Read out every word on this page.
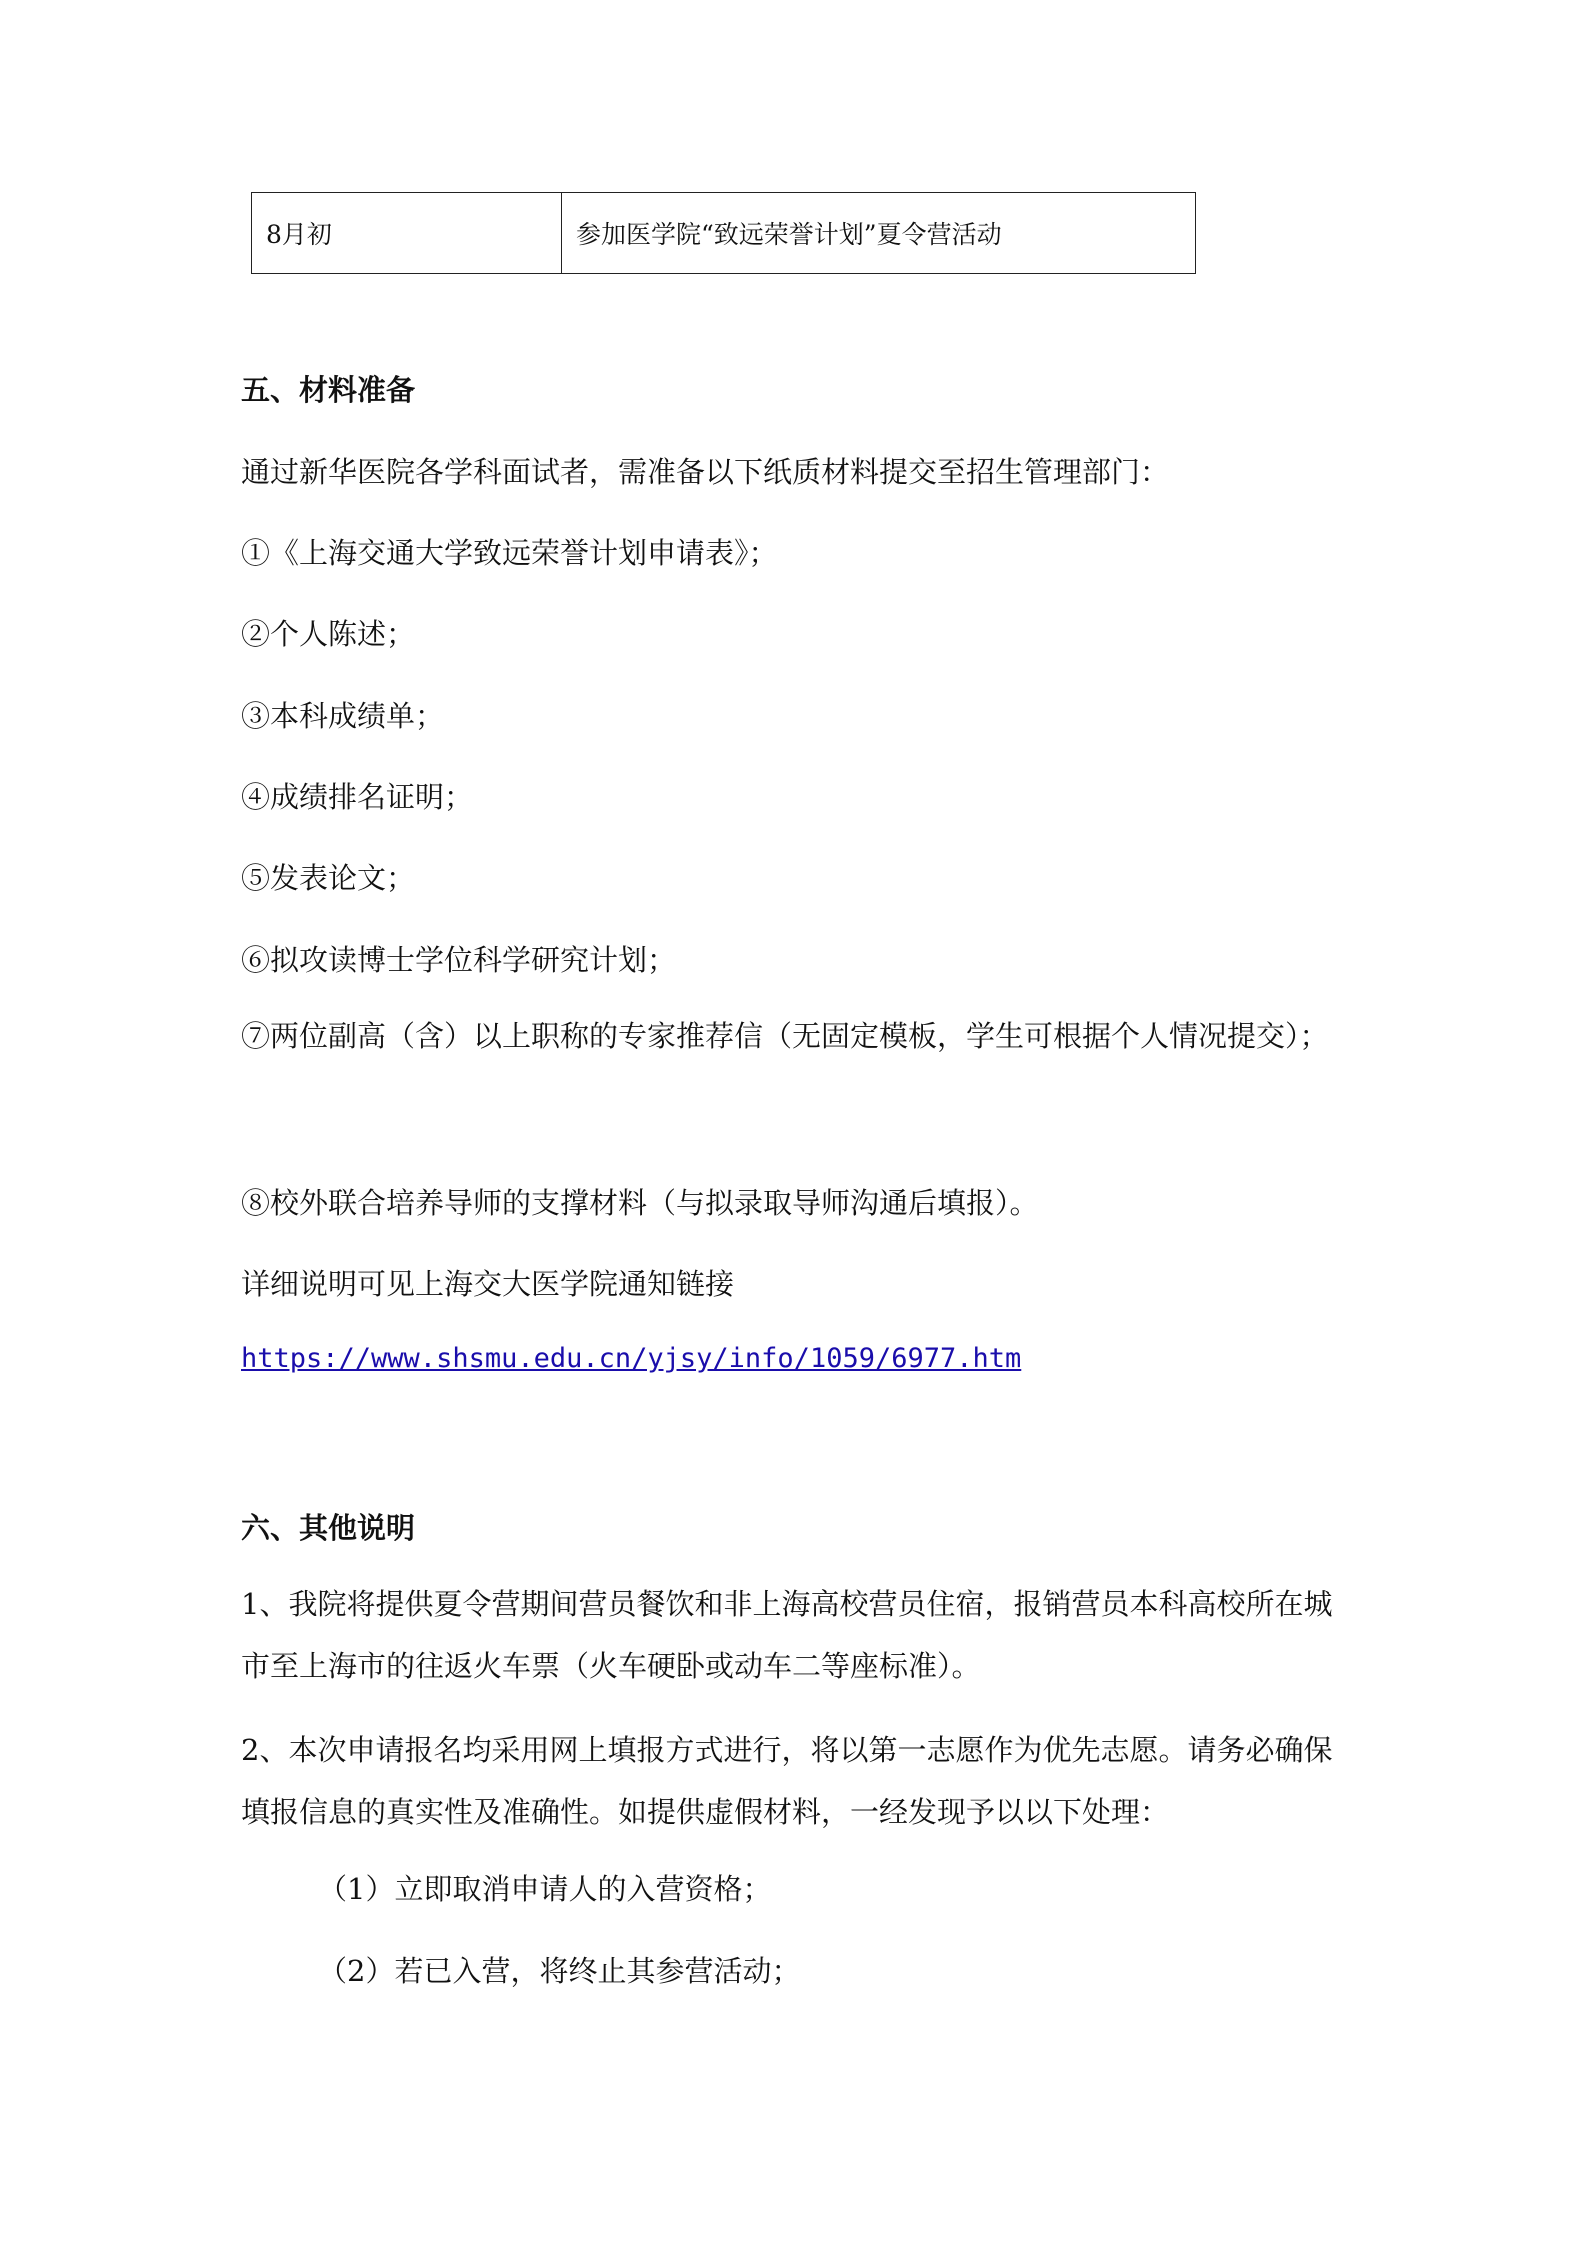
8月初	参加医学院“致远荣誉计划”夏令营活动
五、材料准备
通过新华医院各学科面试者，需准备以下纸质材料提交至招生管理部门：
①《上海交通大学致远荣誉计划申请表》；
②个人陈述；
③本科成绩单；
④成绩排名证明；
⑤发表论文；
⑥拟攻读博士学位科学研究计划；
⑦两位副高（含）以上职称的专家推荐信（无固定模板，学生可根据个人情况提交）；
⑧校外联合培养导师的支撑材料（与拟录取导师沟通后填报）。
详细说明可见上海交大医学院通知链接
https://www.shsmu.edu.cn/yjsy/info/1059/6977.htm
六、其他说明
1、我院将提供夏令营期间营员餐饮和非上海高校营员住宿，报销营员本科高校所在城市至上海市的往返火车票（火车硬卧或动车二等座标准）。
2、本次申请报名均采用网上填报方式进行，将以第一志愿作为优先志愿。请务必确保填报信息的真实性及准确性。如提供虚假材料，一经发现予以以下处理：
（1）立即取消申请人的入营资格；
（2）若已入营，将终止其参营活动；
